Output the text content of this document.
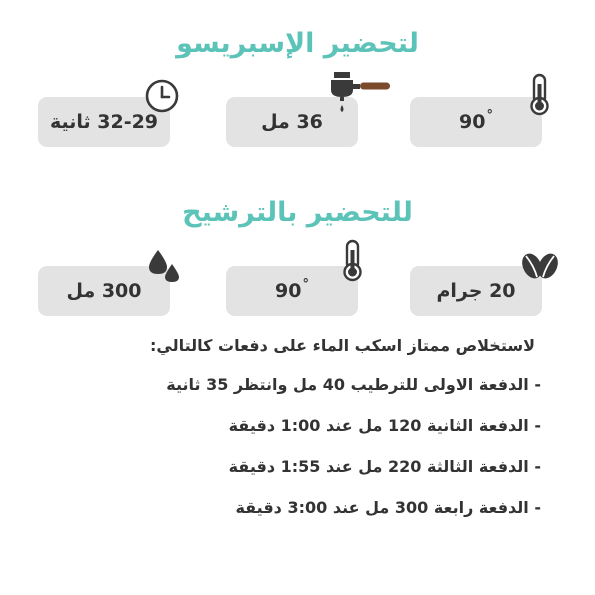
لتحضير الإسبريسو
90°
36 مل
32-29 ثانية
للتحضير بالترشيح
20 جرام
90°
300 مل
لاستخلاص ممتاز اسكب الماء على دفعات كالتالي:
- الدفعة الاولى للترطيب 40 مل وانتظر 35 ثانية
- الدفعة الثانية 120 مل عند 1:00 دقيقة
- الدفعة الثالثة 220 مل عند 1:55 دقيقة
- الدفعة رابعة 300 مل عند 3:00 دقيقة
